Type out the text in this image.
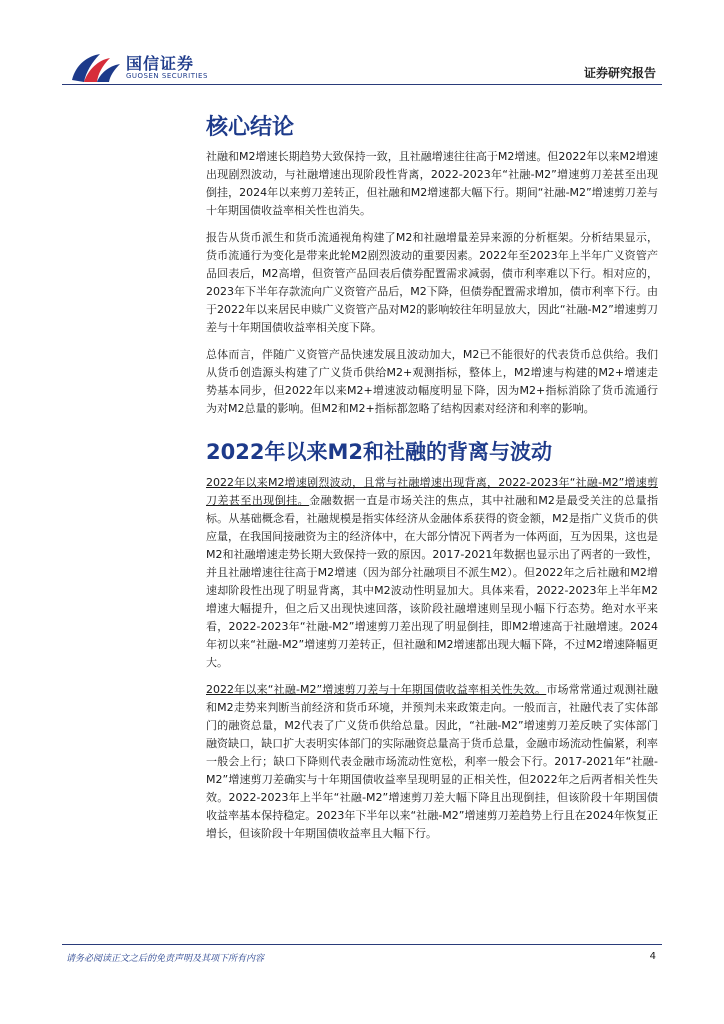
国信证券
GUOSEN SECURITIES	证券研究报告
核心结论

社融和M2增速长期趋势大致保持一致，且社融增速往往高于M2增速。但2022年以来M2增速出现剧烈波动，与社融增速出现阶段性背离，2022-2023年“社融-M2”增速剪刀差甚至出现倒挂，2024年以来剪刀差转正，但社融和M2增速都大幅下行。期间“社融-M2”增速剪刀差与十年期国债收益率相关性也消失。

报告从货币派生和货币流通视角构建了M2和社融增量差异来源的分析框架。分析结果显示，货币流通行为变化是带来此轮M2剧烈波动的重要因素。2022年至2023年上半年广义资管产品回表后，M2高增，但资管产品回表后债券配置需求减弱，债市利率难以下行。相对应的，2023年下半年存款流向广义资管产品后，M2下降，但债券配置需求增加，债市利率下行。由于2022年以来居民申赎广义资管产品对M2的影响较往年明显放大，因此“社融-M2”增速剪刀差与十年期国债收益率相关度下降。

总体而言，伴随广义资管产品快速发展且波动加大，M2已不能很好的代表货币总供给。我们从货币创造源头构建了广义货币供给M2+观测指标，整体上，M2增速与构建的M2+增速走势基本同步，但2022年以来M2+增速波动幅度明显下降，因为M2+指标消除了货币流通行为对M2总量的影响。但M2和M2+指标都忽略了结构因素对经济和利率的影响。

2022年以来M2和社融的背离与波动

2022年以来M2增速剧烈波动，且常与社融增速出现背离，2022-2023年“社融-M2”增速剪刀差甚至出现倒挂。金融数据一直是市场关注的焦点，其中社融和M2是最受关注的总量指标。从基础概念看，社融规模是指实体经济从金融体系获得的资金额，M2是指广义货币的供应量，在我国间接融资为主的经济体中，在大部分情况下两者为一体两面，互为因果，这也是M2和社融增速走势长期大致保持一致的原因。2017-2021年数据也显示出了两者的一致性，并且社融增速往往高于M2增速（因为部分社融项目不派生M2）。但2022年之后社融和M2增速却阶段性出现了明显背离，其中M2波动性明显加大。具体来看，2022-2023年上半年M2增速大幅提升，但之后又出现快速回落，该阶段社融增速则呈现小幅下行态势。绝对水平来看，2022-2023年“社融-M2”增速剪刀差出现了明显倒挂，即M2增速高于社融增速。2024年初以来“社融-M2”增速剪刀差转正，但社融和M2增速都出现大幅下降，不过M2增速降幅更大。

2022年以来“社融-M2”增速剪刀差与十年期国债收益率相关性失效。市场常常通过观测社融和M2走势来判断当前经济和货币环境，并预判未来政策走向。一般而言，社融代表了实体部门的融资总量，M2代表了广义货币供给总量。因此，“社融-M2”增速剪刀差反映了实体部门融资缺口，缺口扩大表明实体部门的实际融资总量高于货币总量，金融市场流动性偏紧，利率一般会上行；缺口下降则代表金融市场流动性宽松，利率一般会下行。2017-2021年“社融-M2”增速剪刀差确实与十年期国债收益率呈现明显的正相关性，但2022年之后两者相关性失效。2022-2023年上半年“社融-M2”增速剪刀差大幅下降且出现倒挂，但该阶段十年期国债收益率基本保持稳定。2023年下半年以来“社融-M2”增速剪刀差趋势上行且在2024年恢复正增长，但该阶段十年期国债收益率且大幅下行。

请务必阅读正文之后的免责声明及其项下所有内容	4
